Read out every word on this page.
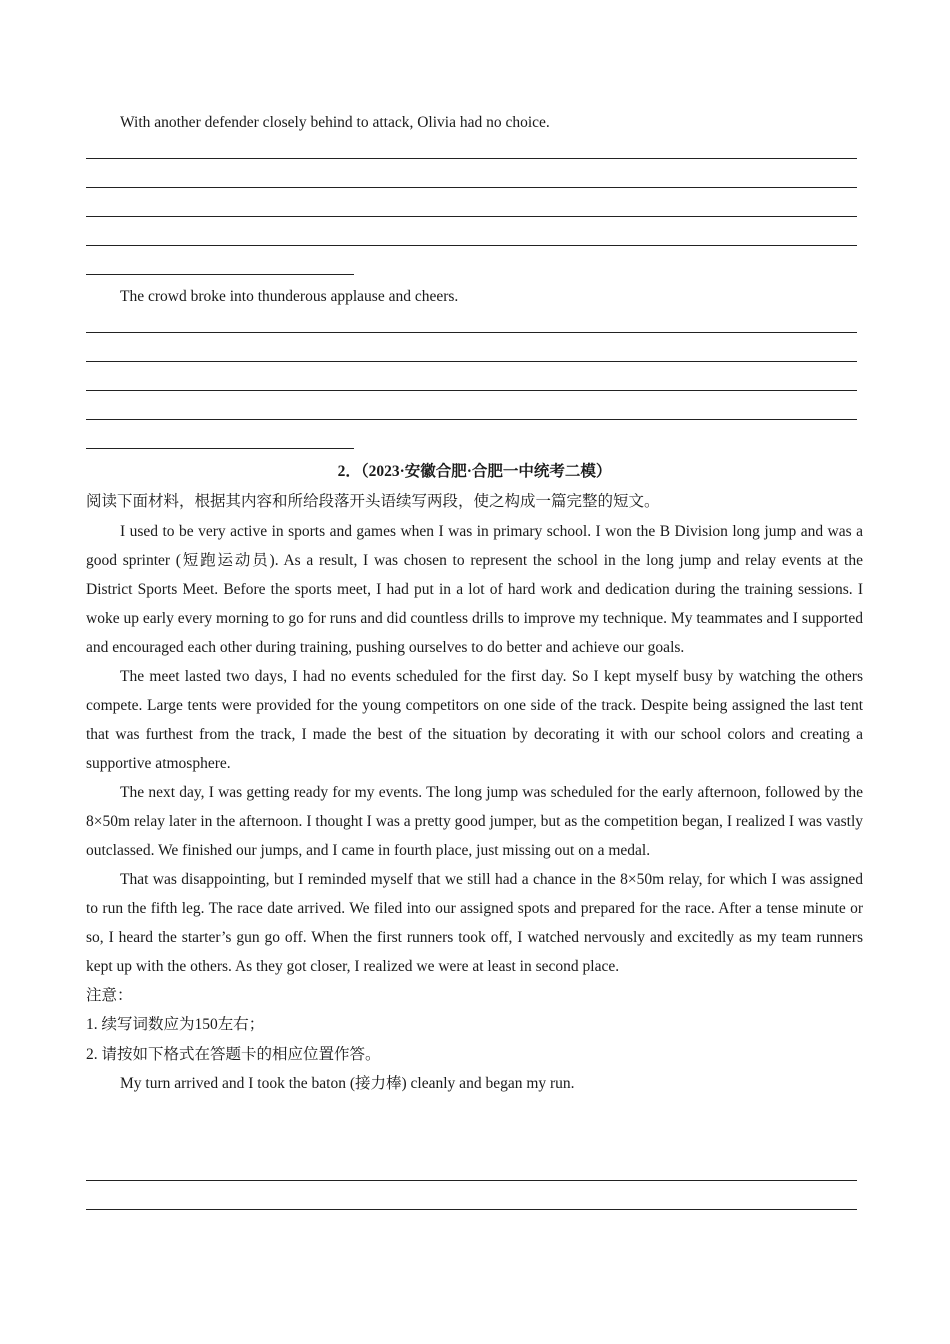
With another defender closely behind to attack, Olivia had no choice.
The crowd broke into thunderous applause and cheers.
2．（2023·安徽合肥·合肥一中统考二模）

阅读下面材料，根据其内容和所给段落开头语续写两段，使之构成一篇完整的短文。

I used to be very active in sports and games when I was in primary school. I won the B Division long jump and was a good sprinter (短跑运动员). As a result, I was chosen to represent the school in the long jump and relay events at the District Sports Meet. Before the sports meet, I had put in a lot of hard work and dedication during the training sessions. I woke up early every morning to go for runs and did countless drills to improve my technique. My teammates and I supported and encouraged each other during training, pushing ourselves to do better and achieve our goals.

The meet lasted two days, I had no events scheduled for the first day. So I kept myself busy by watching the others compete. Large tents were provided for the young competitors on one side of the track. Despite being assigned the last tent that was furthest from the track, I made the best of the situation by decorating it with our school colors and creating a supportive atmosphere.

The next day, I was getting ready for my events. The long jump was scheduled for the early afternoon, followed by the 8×50m relay later in the afternoon. I thought I was a pretty good jumper, but as the competition began, I realized I was vastly outclassed. We finished our jumps, and I came in fourth place, just missing out on a medal.

That was disappointing, but I reminded myself that we still had a chance in the 8×50m relay, for which I was assigned to run the fifth leg. The race date arrived. We filed into our assigned spots and prepared for the race. After a tense minute or so, I heard the starter’s gun go off. When the first runners took off, I watched nervously and excitedly as my team runners kept up with the others. As they got closer, I realized we were at least in second place.

注意：

1. 续写词数应为150左右；

2. 请按如下格式在答题卡的相应位置作答。

My turn arrived and I took the baton (接力棒) cleanly and began my run.
